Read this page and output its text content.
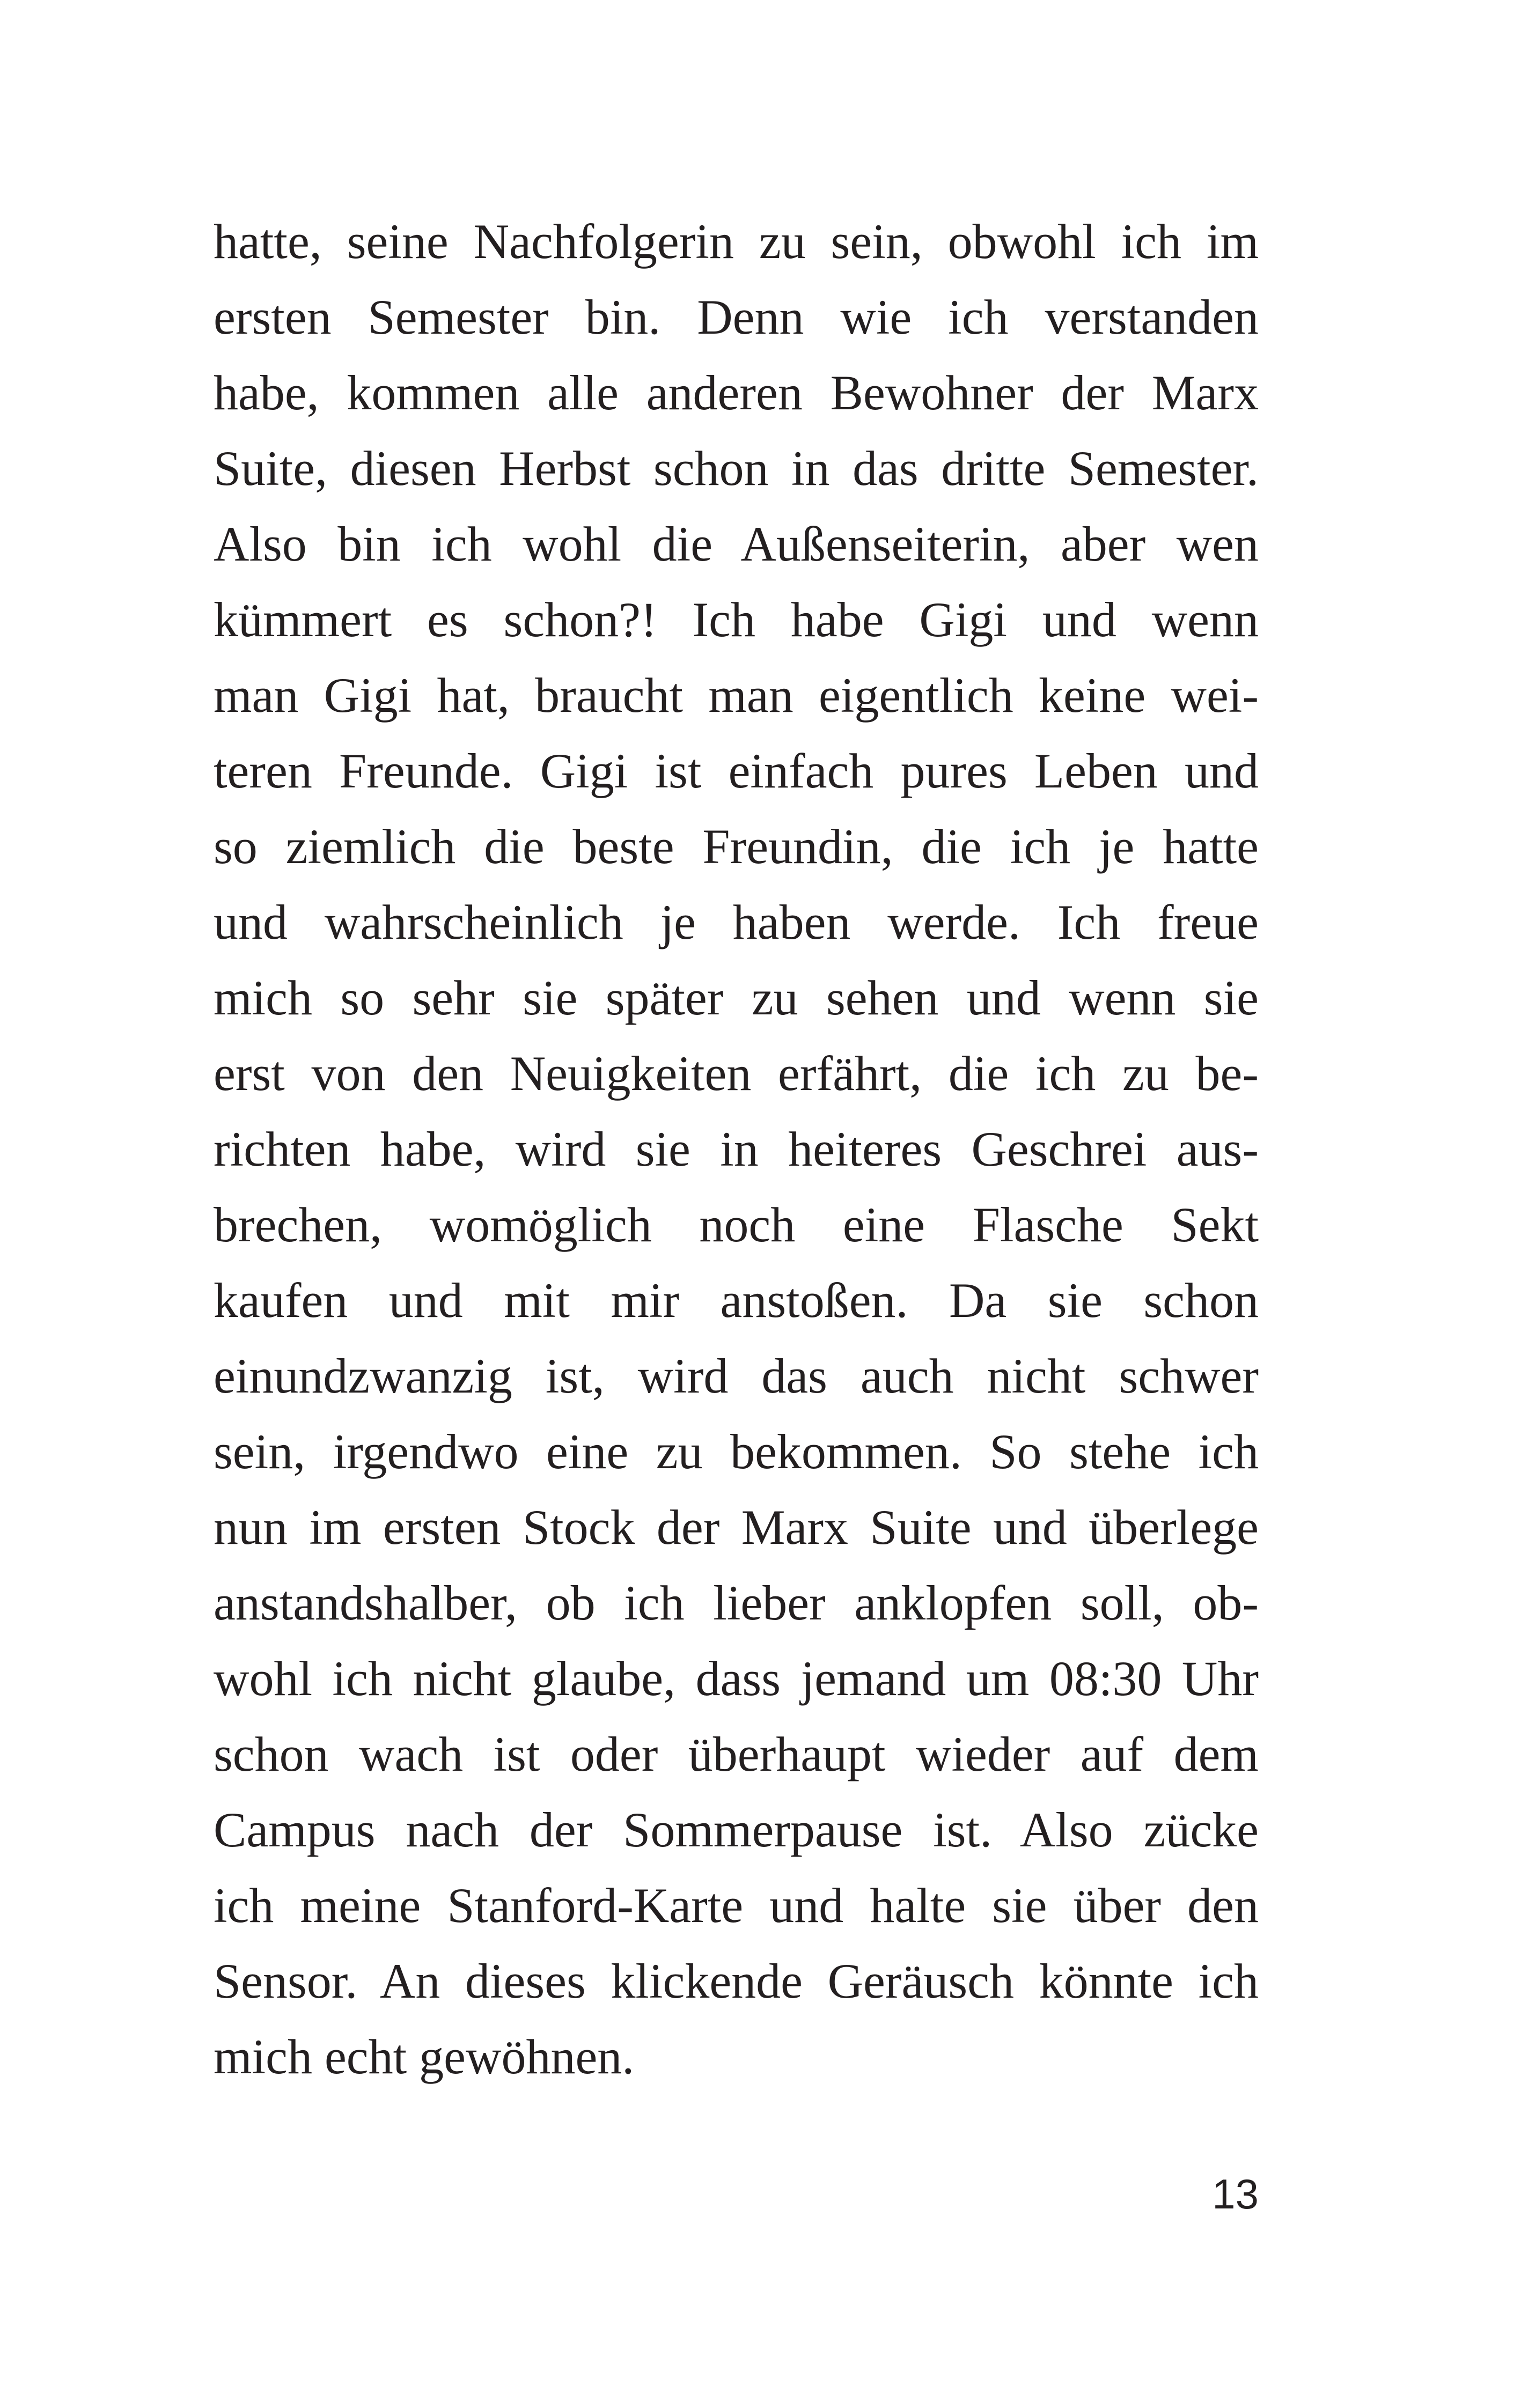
hatte, seine Nachfolgerin zu sein, obwohl ich im
ersten Semester bin. Denn wie ich verstanden
habe, kommen alle anderen Bewohner der Marx
Suite, diesen Herbst schon in das dritte Semester.
Also bin ich wohl die Außenseiterin, aber wen
kümmert es schon?! Ich habe Gigi und wenn
man Gigi hat, braucht man eigentlich keine wei-
teren Freunde. Gigi ist einfach pures Leben und
so ziemlich die beste Freundin, die ich je hatte
und wahrscheinlich je haben werde. Ich freue
mich so sehr sie später zu sehen und wenn sie
erst von den Neuigkeiten erfährt, die ich zu be-
richten habe, wird sie in heiteres Geschrei aus-
brechen, womöglich noch eine Flasche Sekt
kaufen und mit mir anstoßen. Da sie schon
einundzwanzig ist, wird das auch nicht schwer
sein, irgendwo eine zu bekommen. So stehe ich
nun im ersten Stock der Marx Suite und überlege
anstandshalber, ob ich lieber anklopfen soll, ob-
wohl ich nicht glaube, dass jemand um 08:30 Uhr
schon wach ist oder überhaupt wieder auf dem
Campus nach der Sommerpause ist. Also zücke
ich meine Stanford-Karte und halte sie über den
Sensor. An dieses klickende Geräusch könnte ich
mich echt gewöhnen.
13
